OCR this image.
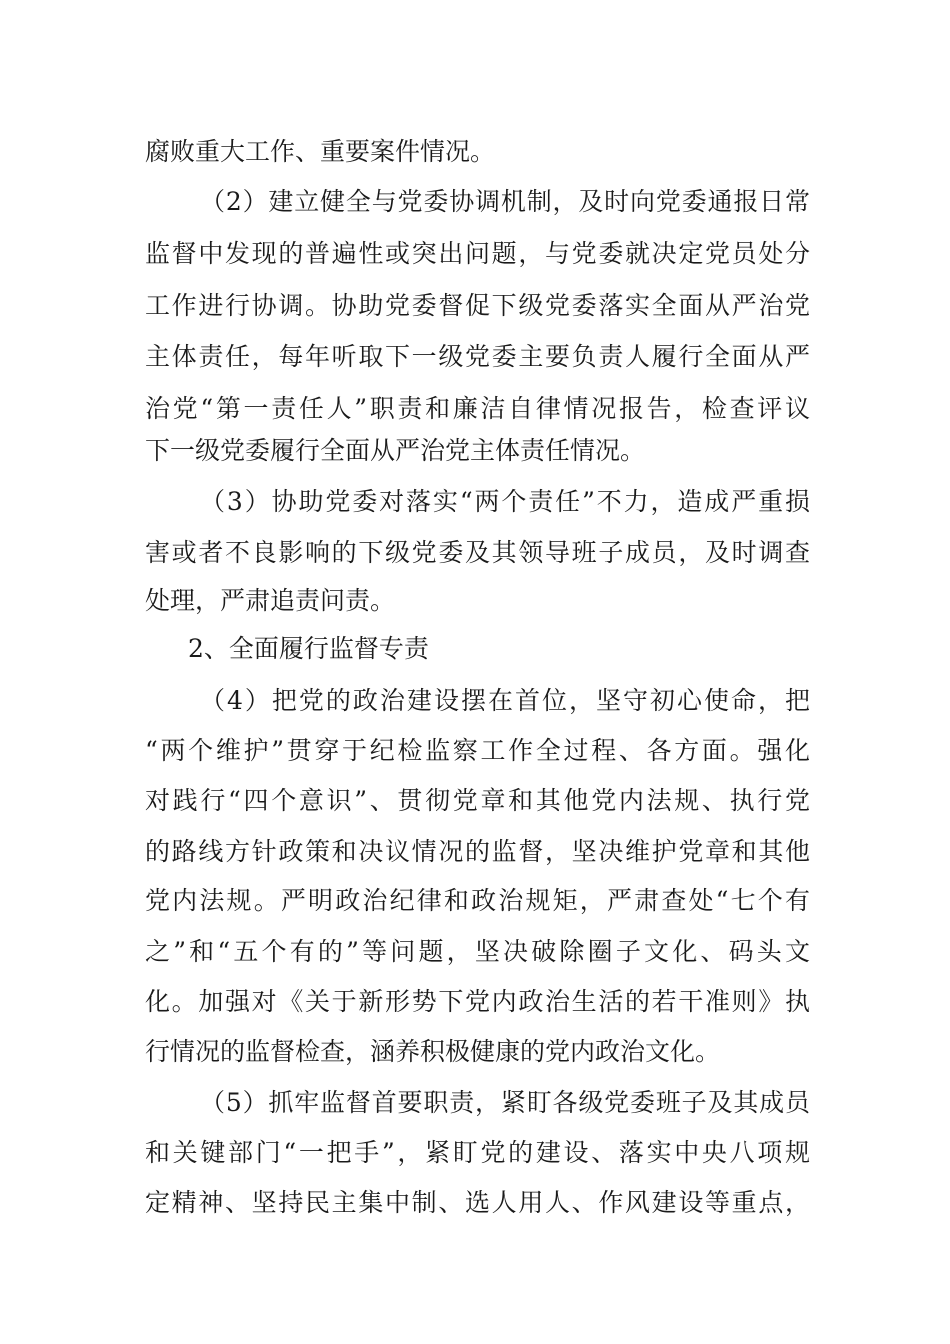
腐败重大工作、重要案件情况。
（2）建立健全与党委协调机制，及时向党委通报日常
监督中发现的普遍性或突出问题，与党委就决定党员处分
工作进行协调。协助党委督促下级党委落实全面从严治党
主体责任，每年听取下一级党委主要负责人履行全面从严
治党“第一责任人”职责和廉洁自律情况报告，检查评议
下一级党委履行全面从严治党主体责任情况。
（3）协助党委对落实“两个责任”不力，造成严重损
害或者不良影响的下级党委及其领导班子成员，及时调查
处理，严肃追责问责。
2、全面履行监督专责
（4）把党的政治建设摆在首位，坚守初心使命，把
“两个维护”贯穿于纪检监察工作全过程、各方面。强化
对践行“四个意识”、贯彻党章和其他党内法规、执行党
的路线方针政策和决议情况的监督，坚决维护党章和其他
党内法规。严明政治纪律和政治规矩，严肃查处“七个有
之”和“五个有的”等问题，坚决破除圈子文化、码头文
化。加强对《关于新形势下党内政治生活的若干准则》执
行情况的监督检查，涵养积极健康的党内政治文化。
（5）抓牢监督首要职责，紧盯各级党委班子及其成员
和关键部门“一把手”，紧盯党的建设、落实中央八项规
定精神、坚持民主集中制、选人用人、作风建设等重点，
